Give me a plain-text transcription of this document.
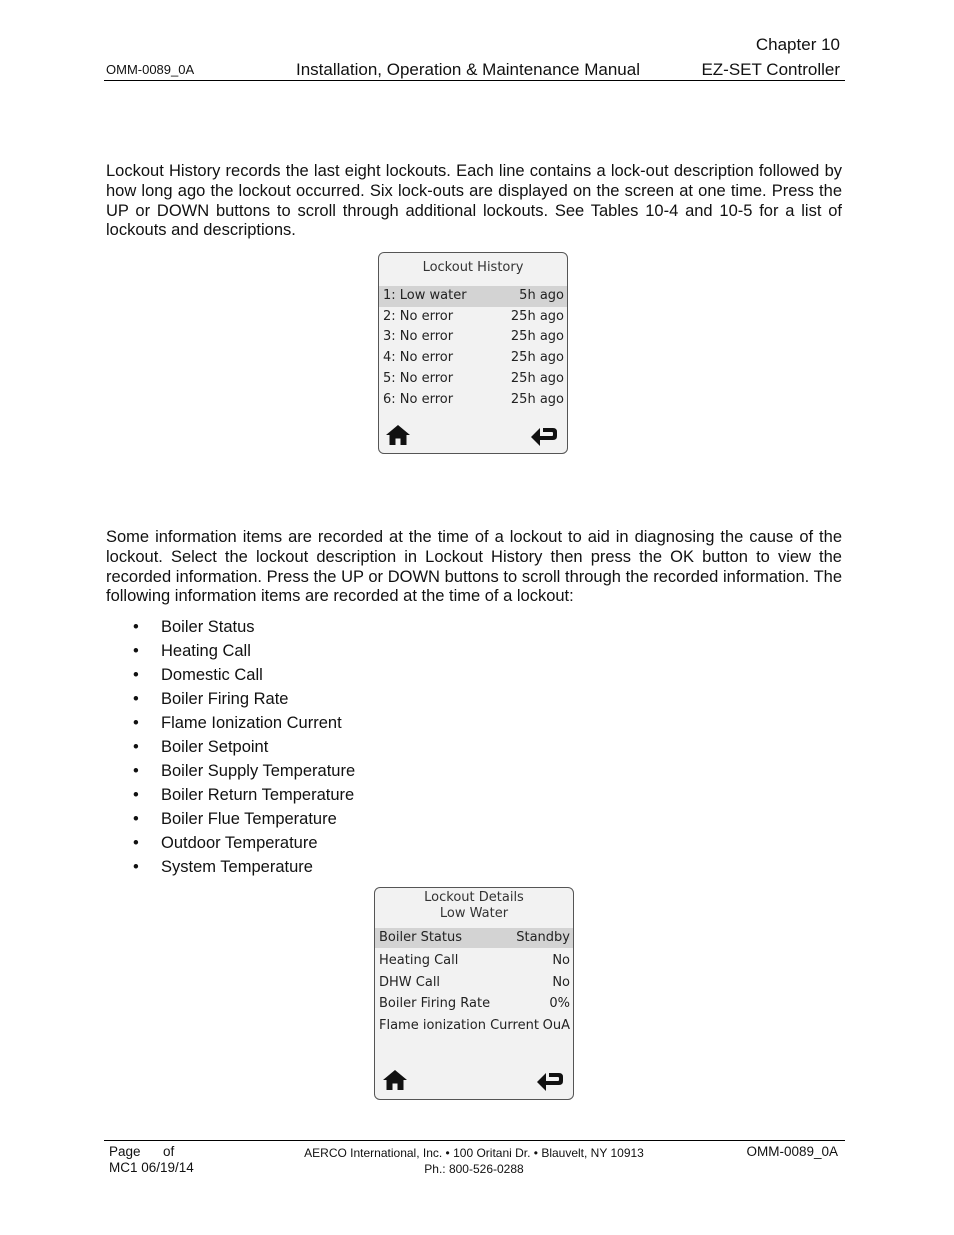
Chapter 10
OMM-0089_0A	Installation, Operation & Maintenance Manual	EZ-SET Controller

Lockout History records the last eight lockouts. Each line contains a lock-out description followed by how long ago the lockout occurred. Six lock-outs are displayed on the screen at one time. Press the UP or DOWN buttons to scroll through additional lockouts. See Tables 10-4 and 10-5 for a list of lockouts and descriptions.

Lockout History
1: Low water	5h ago
2: No error	25h ago
3: No error	25h ago
4: No error	25h ago
5: No error	25h ago
6: No error	25h ago

Some information items are recorded at the time of a lockout to aid in diagnosing the cause of the lockout. Select the lockout description in Lockout History then press the OK button to view the recorded information. Press the UP or DOWN buttons to scroll through the recorded information. The following information items are recorded at the time of a lockout:

• Boiler Status
• Heating Call
• Domestic Call
• Boiler Firing Rate
• Flame Ionization Current
• Boiler Setpoint
• Boiler Supply Temperature
• Boiler Return Temperature
• Boiler Flue Temperature
• Outdoor Temperature
• System Temperature
Lockout Details
Low Water
Boiler Status	Standby
Heating Call	No
DHW Call	No
Boiler Firing Rate	0%
Flame ionization Current OuA
Page      of
MC1 06/19/14
AERCO International, Inc. • 100 Oritani Dr. • Blauvelt, NY 10913
Ph.: 800-526-0288
OMM-0089_0A
